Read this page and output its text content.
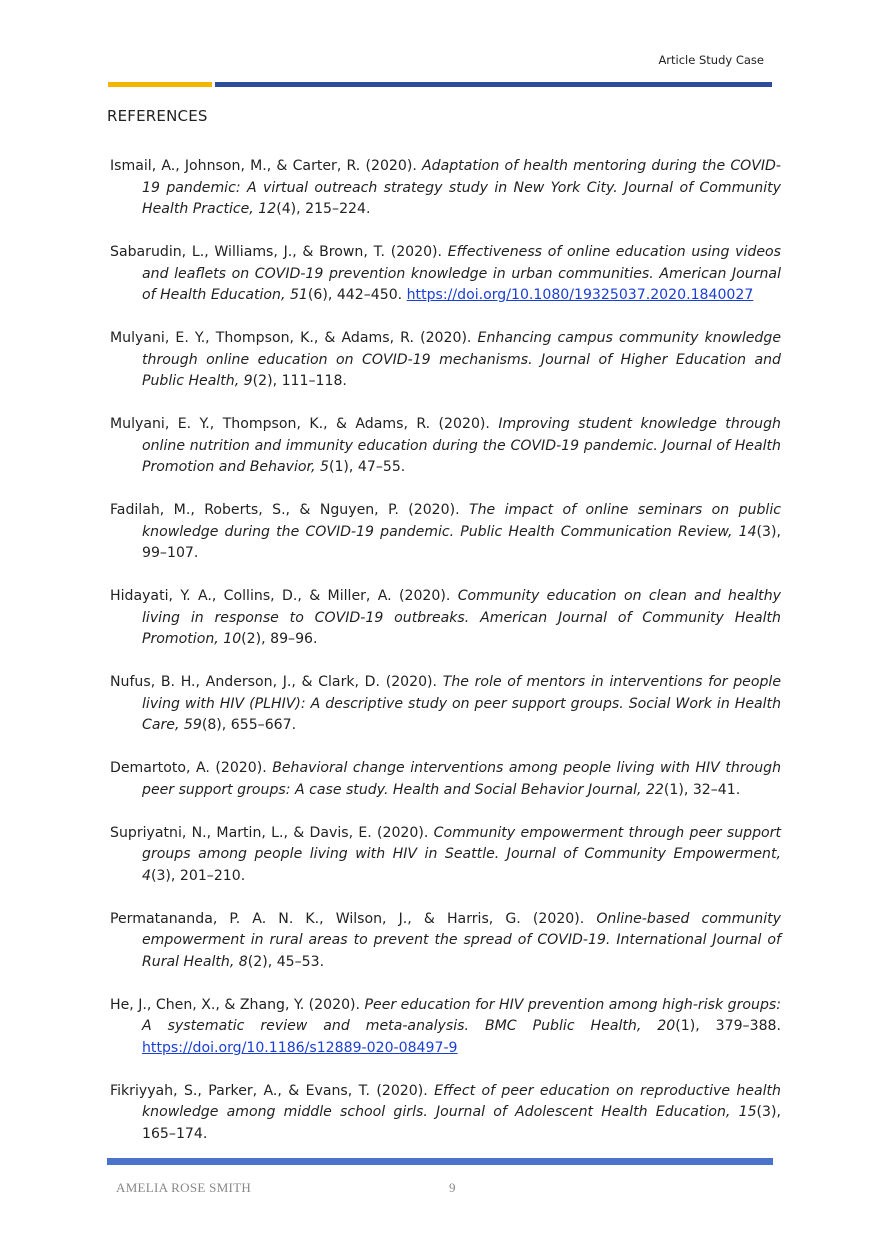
Article Study Case
REFERENCES
Ismail, A., Johnson, M., & Carter, R. (2020). Adaptation of health mentoring during the COVID-19 pandemic: A virtual outreach strategy study in New York City. Journal of Community Health Practice, 12(4), 215–224.
Sabarudin, L., Williams, J., & Brown, T. (2020). Effectiveness of online education using videos and leaflets on COVID-19 prevention knowledge in urban communities. American Journal of Health Education, 51(6), 442–450. https://doi.org/10.1080/19325037.2020.1840027
Mulyani, E. Y., Thompson, K., & Adams, R. (2020). Enhancing campus community knowledge through online education on COVID-19 mechanisms. Journal of Higher Education and Public Health, 9(2), 111–118.
Mulyani, E. Y., Thompson, K., & Adams, R. (2020). Improving student knowledge through online nutrition and immunity education during the COVID-19 pandemic. Journal of Health Promotion and Behavior, 5(1), 47–55.
Fadilah, M., Roberts, S., & Nguyen, P. (2020). The impact of online seminars on public knowledge during the COVID-19 pandemic. Public Health Communication Review, 14(3), 99–107.
Hidayati, Y. A., Collins, D., & Miller, A. (2020). Community education on clean and healthy living in response to COVID-19 outbreaks. American Journal of Community Health Promotion, 10(2), 89–96.
Nufus, B. H., Anderson, J., & Clark, D. (2020). The role of mentors in interventions for people living with HIV (PLHIV): A descriptive study on peer support groups. Social Work in Health Care, 59(8), 655–667.
Demartoto, A. (2020). Behavioral change interventions among people living with HIV through peer support groups: A case study. Health and Social Behavior Journal, 22(1), 32–41.
Supriyatni, N., Martin, L., & Davis, E. (2020). Community empowerment through peer support groups among people living with HIV in Seattle. Journal of Community Empowerment, 4(3), 201–210.
Permatananda, P. A. N. K., Wilson, J., & Harris, G. (2020). Online-based community empowerment in rural areas to prevent the spread of COVID-19. International Journal of Rural Health, 8(2), 45–53.
He, J., Chen, X., & Zhang, Y. (2020). Peer education for HIV prevention among high-risk groups: A systematic review and meta-analysis. BMC Public Health, 20(1), 379–388. https://doi.org/10.1186/s12889-020-08497-9
Fikriyyah, S., Parker, A., & Evans, T. (2020). Effect of peer education on reproductive health knowledge among middle school girls. Journal of Adolescent Health Education, 15(3), 165–174.
AMELIA ROSE SMITH	9
